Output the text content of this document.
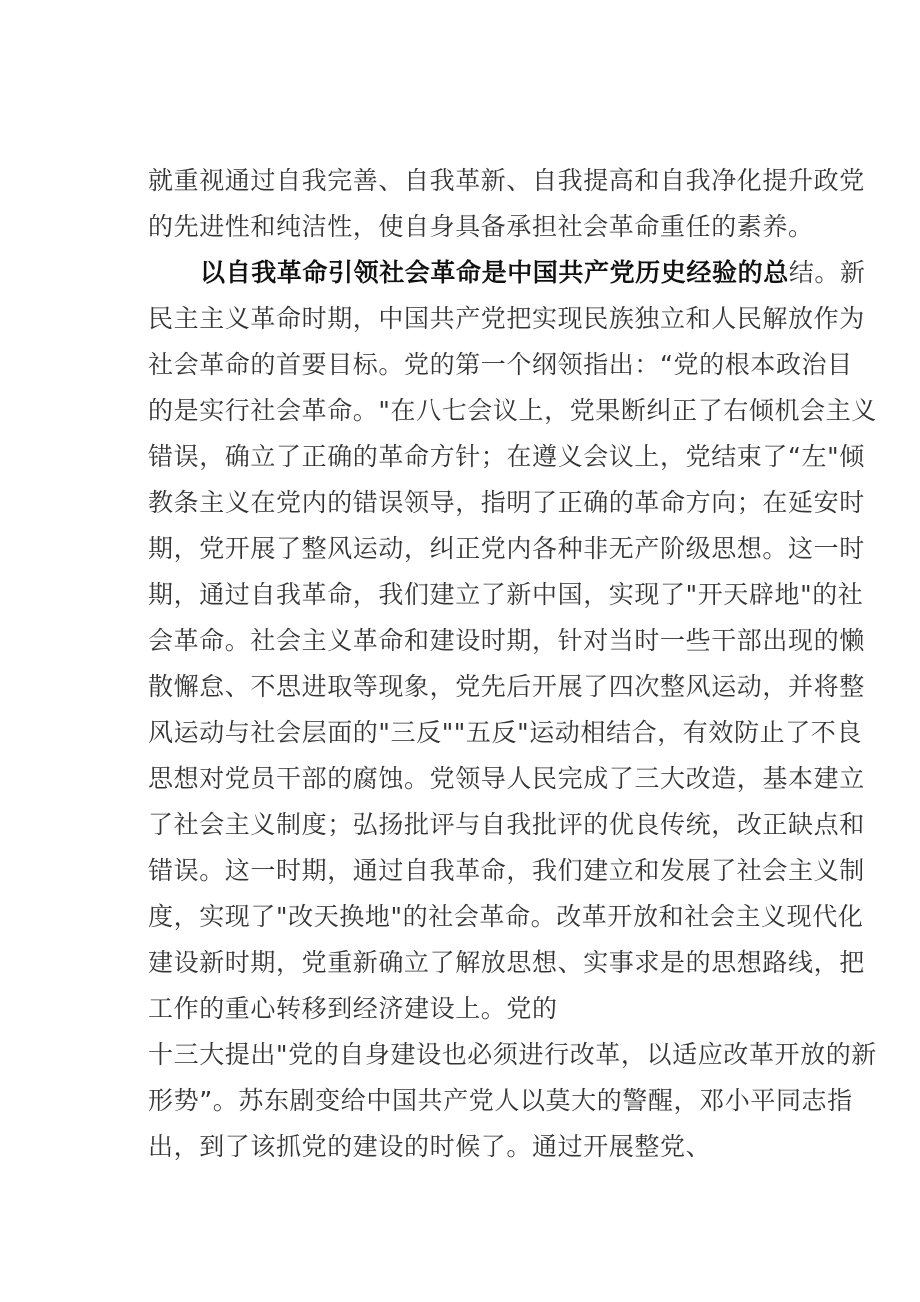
就重视通过自我完善、自我革新、自我提高和自我净化提升政党
的先进性和纯洁性，使自身具备承担社会革命重任的素养。
以自我革命引领社会革命是中国共产党历史经验的总结。新
民主主义革命时期，中国共产党把实现民族独立和人民解放作为
社会革命的首要目标。党的第一个纲领指出：“党的根本政治目
的是实行社会革命。"在八七会议上，党果断纠正了右倾机会主义
错误，确立了正确的革命方针；在遵义会议上，党结束了“左"倾
教条主义在党内的错误领导，指明了正确的革命方向；在延安时
期，党开展了整风运动，纠正党内各种非无产阶级思想。这一时
期，通过自我革命，我们建立了新中国，实现了"开天辟地"的社
会革命。社会主义革命和建设时期，针对当时一些干部出现的懒
散懈怠、不思进取等现象，党先后开展了四次整风运动，并将整
风运动与社会层面的"三反""五反"运动相结合，有效防止了不良
思想对党员干部的腐蚀。党领导人民完成了三大改造，基本建立
了社会主义制度；弘扬批评与自我批评的优良传统，改正缺点和
错误。这一时期，通过自我革命，我们建立和发展了社会主义制
度，实现了"改天换地"的社会革命。改革开放和社会主义现代化
建设新时期，党重新确立了解放思想、实事求是的思想路线，把
工作的重心转移到经济建设上。党的
十三大提出"党的自身建设也必须进行改革，以适应改革开放的新
形势”。苏东剧变给中国共产党人以莫大的警醒，邓小平同志指
出，到了该抓党的建设的时候了。通过开展整党、
